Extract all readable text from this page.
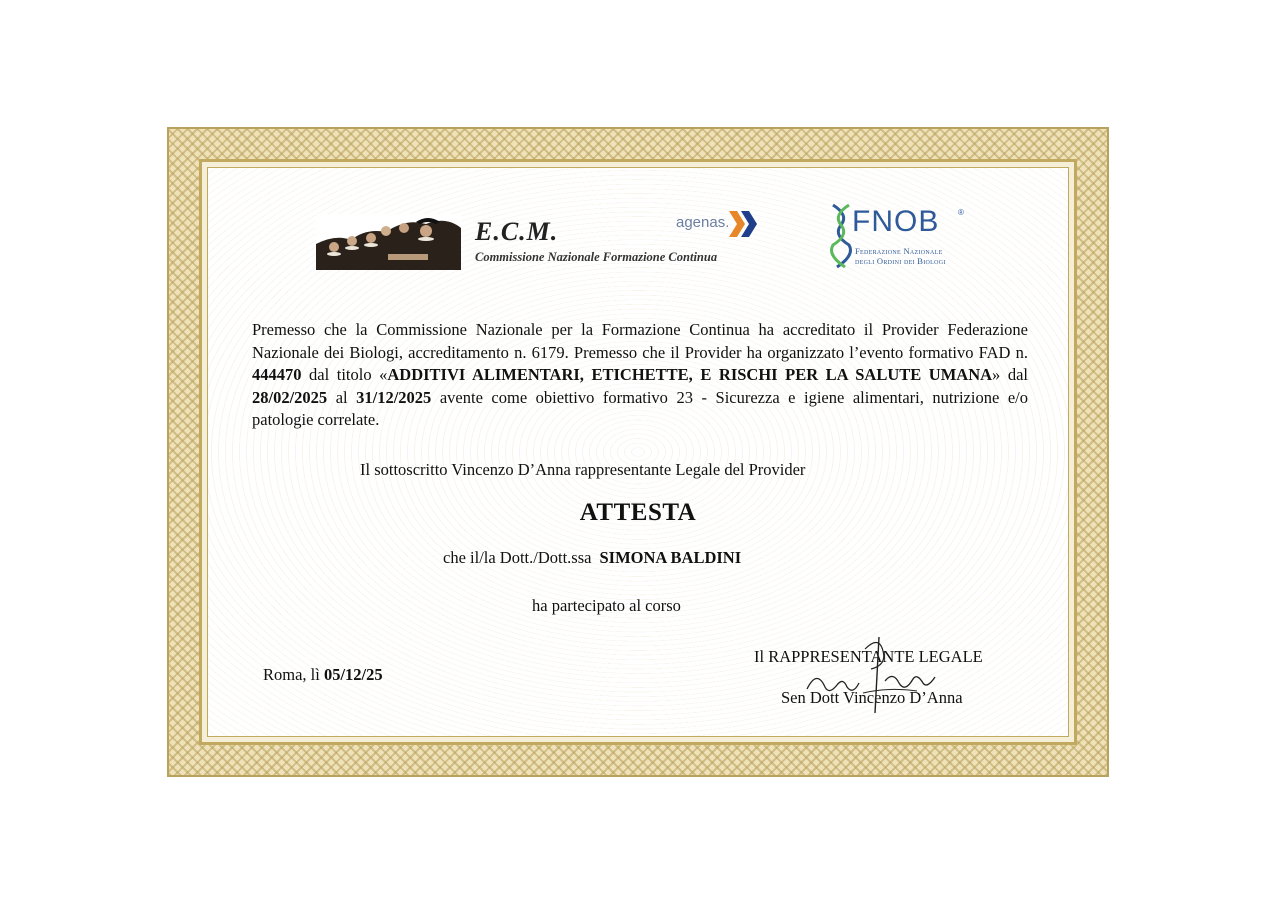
E.C.M.
Commissione Nazionale Formazione Continua
agenas.	FNOB ®
Federazione Nazionale
degli Ordini dei Biologi
Premesso che la Commissione Nazionale per la Formazione Continua ha accreditato il Provider Federazione Nazionale dei Biologi, accreditamento n. 6179. Premesso che il Provider ha organizzato l’evento formativo FAD n. 444470 dal titolo «ADDITIVI ALIMENTARI, ETICHETTE, E RISCHI PER LA SALUTE UMANA» dal 28/02/2025 al 31/12/2025 avente come obiettivo formativo 23 - Sicurezza e igiene alimentari, nutrizione e/o patologie correlate.
Il sottoscritto Vincenzo D’Anna rappresentante Legale del Provider
ATTESTA
che il/la Dott./Dott.ssa SIMONA BALDINI
ha partecipato al corso
Roma, lì 05/12/25
Il RAPPRESENTANTE LEGALE
Sen Dott Vincenzo D’Anna
